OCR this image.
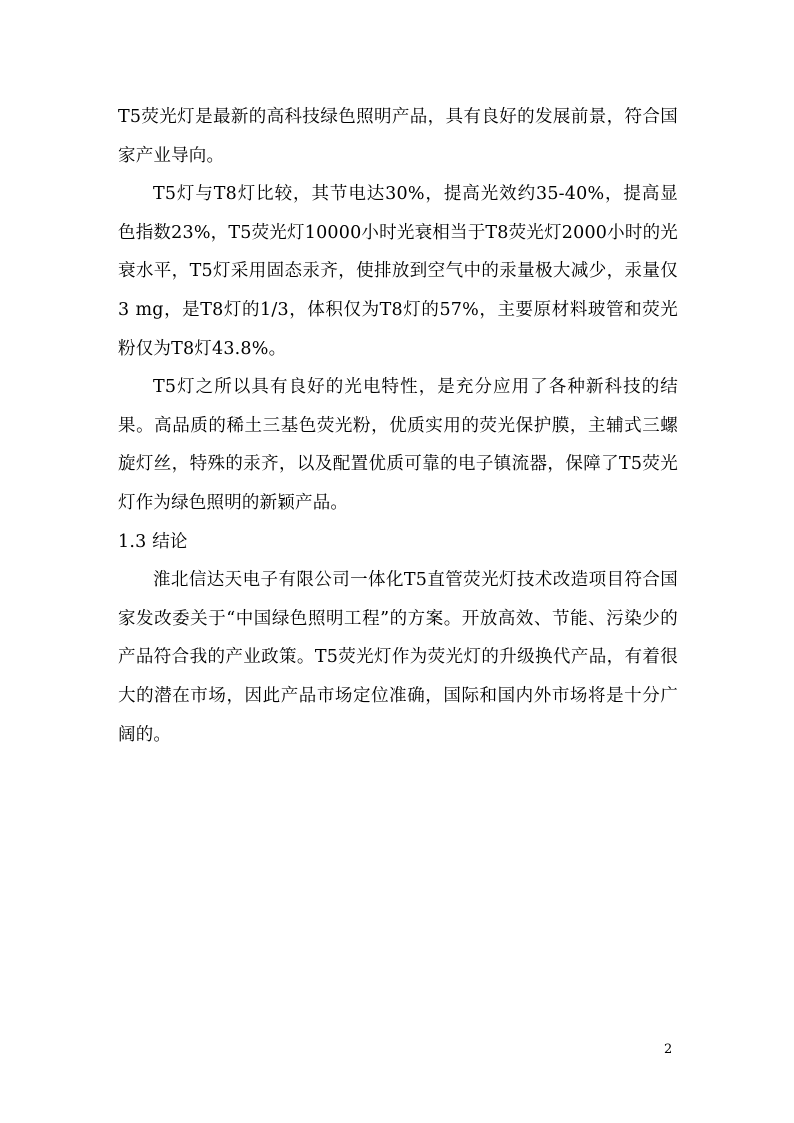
T5荧光灯是最新的高科技绿色照明产品，具有良好的发展前景，符合国家产业导向。

T5灯与T8灯比较，其节电达30%，提高光效约35-40%，提高显色指数23%，T5荧光灯10000小时光衰相当于T8荧光灯2000小时的光衰水平，T5灯采用固态汞齐，使排放到空气中的汞量极大减少，汞量仅3 mg，是T8灯的1/3，体积仅为T8灯的57%，主要原材料玻管和荧光粉仅为T8灯43.8%。

T5灯之所以具有良好的光电特性，是充分应用了各种新科技的结果。高品质的稀土三基色荧光粉，优质实用的荧光保护膜，主辅式三螺旋灯丝，特殊的汞齐，以及配置优质可靠的电子镇流器，保障了T5荧光灯作为绿色照明的新颖产品。

1.3 结论

淮北信达天电子有限公司一体化T5直管荧光灯技术改造项目符合国家发改委关于“中国绿色照明工程”的方案。开放高效、节能、污染少的产品符合我的产业政策。T5荧光灯作为荧光灯的升级换代产品，有着很大的潜在市场，因此产品市场定位准确，国际和国内外市场将是十分广阔的。

2
